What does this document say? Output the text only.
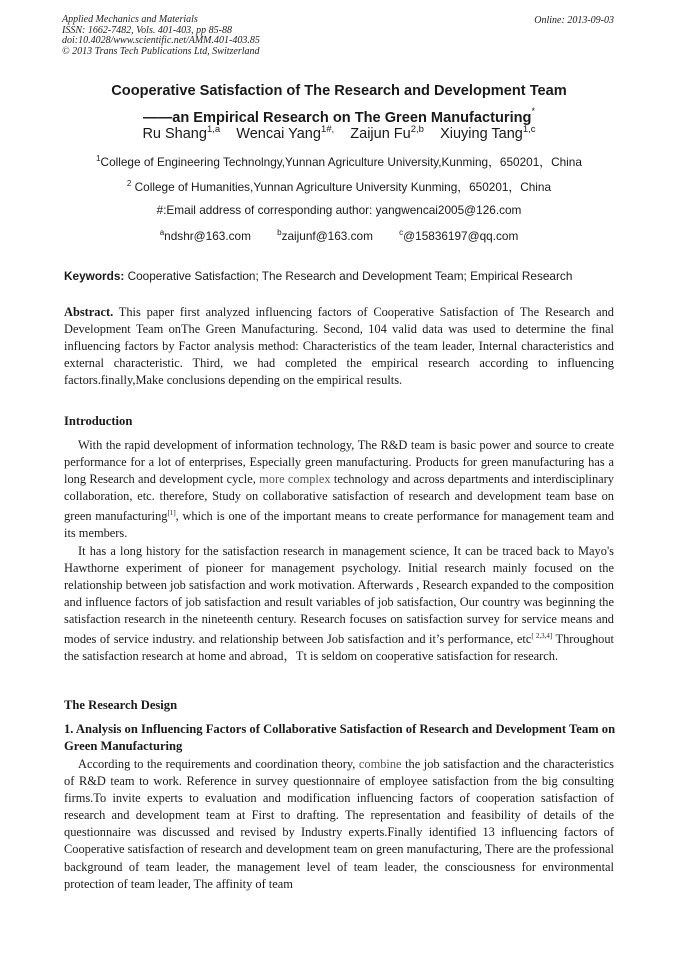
Applied Mechanics and Materials
ISSN: 1662-7482, Vols. 401-403, pp 85-88
doi:10.4028/www.scientific.net/AMM.401-403.85
© 2013 Trans Tech Publications Ltd, Switzerland
Online: 2013-09-03
Cooperative Satisfaction of The Research and Development Team
——an Empirical Research on The Green Manufacturing*
Ru Shang$^{1,a}$ Wencai Yang$^{1\#,}$ Zaijun Fu$^{2,b}$ Xiuying Tang$^{1,c}$
$^1$College of Engineering Technolngy,Yunnan Agriculture University,Kunming，650201，China
$^2$ College of Humanities,Yunnan Agriculture University Kunming，650201，China
#:Email address of corresponding author: yangwencai2005@126.com
$^a$ndshr@163.com	$^b$zaijunf@163.com	$^c$@15836197@qq.com
Keywords: Cooperative Satisfaction; The Research and Development Team; Empirical Research

Abstract. This paper first analyzed influencing factors of Cooperative Satisfaction of The Research and Development Team onThe Green Manufacturing. Second, 104 valid data was used to determine the final influencing factors by Factor analysis method: Characteristics of the team leader, Internal characteristics and external characteristic. Third, we had completed the empirical research according to influencing factors.finally,Make conclusions depending on the empirical results.

Introduction

With the rapid development of information technology, The R&D team is basic power and source to create performance for a lot of enterprises, Especially green manufacturing. Products for green manufacturing has a long Research and development cycle, more complex technology and across departments and interdisciplinary collaboration, etc. therefore, Study on collaborative satisfaction of research and development team base on green manufacturing[1], which is one of the important means to create performance for management team and its members.

It has a long history for the satisfaction research in management science, It can be traced back to Mayo's Hawthorne experiment of pioneer for management psychology. Initial research mainly focused on the relationship between job satisfaction and work motivation. Afterwards , Research expanded to the composition and influence factors of job satisfaction and result variables of job satisfaction, Our country was beginning the satisfaction research in the nineteenth century. Research focuses on satisfaction survey for service means and modes of service industry. and relationship between Job satisfaction and it’s performance, etc[ 2,3,4] Throughout the satisfaction research at home and abroad，Tt is seldom on cooperative satisfaction for research.

The Research Design
1. Analysis on Influencing Factors of Collaborative Satisfaction of Research and Development Team on Green Manufacturing

According to the requirements and coordination theory, combine the job satisfaction and the characteristics of R&D team to work. Reference in survey questionnaire of employee satisfaction from the big consulting firms.To invite experts to evaluation and modification influencing factors of cooperation satisfaction of research and development team at First to drafting. The representation and feasibility of details of the questionnaire was discussed and revised by Industry experts.Finally identified 13 influencing factors of Cooperative satisfaction of research and development team on green manufacturing, There are the professional background of team leader, the management level of team leader, the consciousness for environmental protection of team leader, The affinity of team
